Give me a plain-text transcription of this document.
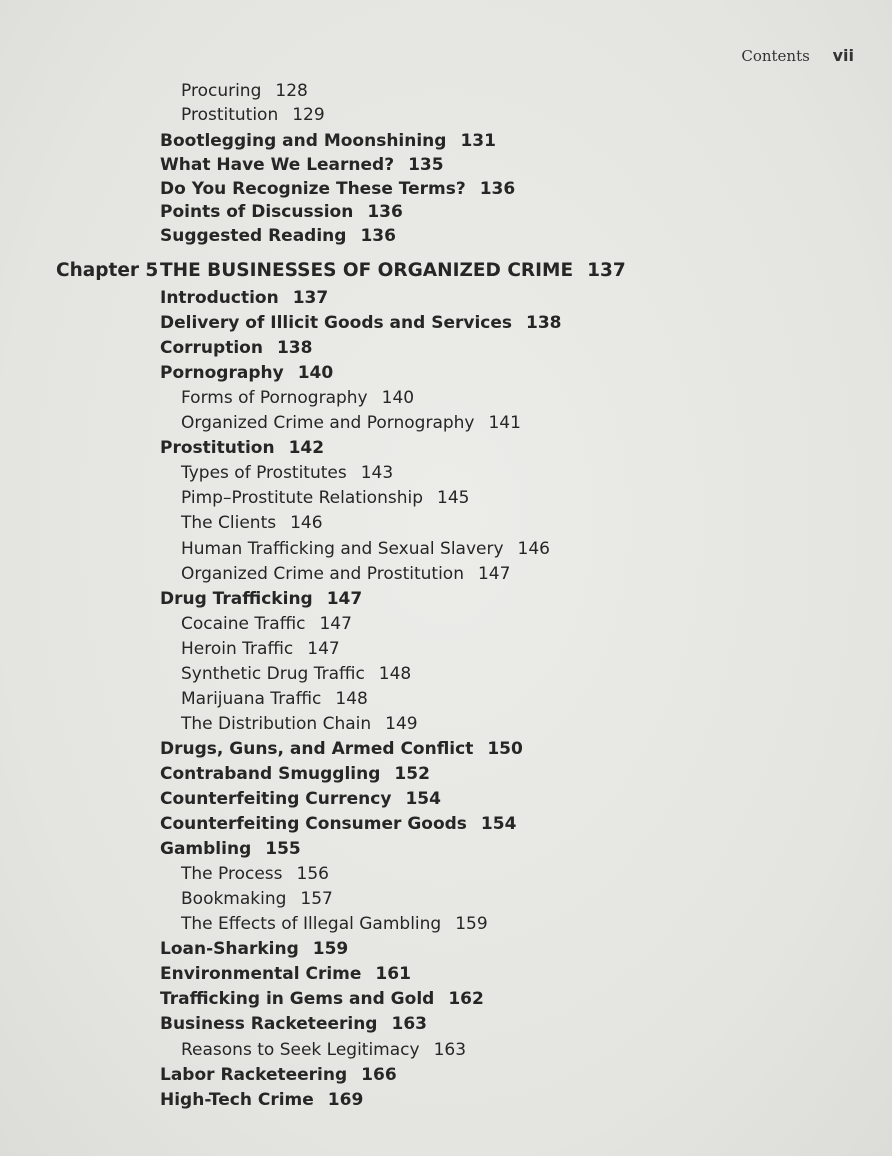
Contents vii
Procuring 128
Prostitution 129
Bootlegging and Moonshining 131
What Have We Learned? 135
Do You Recognize These Terms? 136
Points of Discussion 136
Suggested Reading 136
Introduction 137
Delivery of Illicit Goods and Services 138
Corruption 138
Pornography 140
Forms of Pornography 140
Organized Crime and Pornography 141
Prostitution 142
Types of Prostitutes 143
Pimp–Prostitute Relationship 145
The Clients 146
Human Trafficking and Sexual Slavery 146
Organized Crime and Prostitution 147
Drug Trafficking 147
Cocaine Traffic 147
Heroin Traffic 147
Synthetic Drug Traffic 148
Marijuana Traffic 148
The Distribution Chain 149
Drugs, Guns, and Armed Conflict 150
Contraband Smuggling 152
Counterfeiting Currency 154
Counterfeiting Consumer Goods 154
Gambling 155
The Process 156
Bookmaking 157
The Effects of Illegal Gambling 159
Loan-Sharking 159
Environmental Crime 161
Trafficking in Gems and Gold 162
Business Racketeering 163
Reasons to Seek Legitimacy 163
Labor Racketeering 166
High-Tech Crime 169
Chapter 5 THE BUSINESSES OF ORGANIZED CRIME 137
